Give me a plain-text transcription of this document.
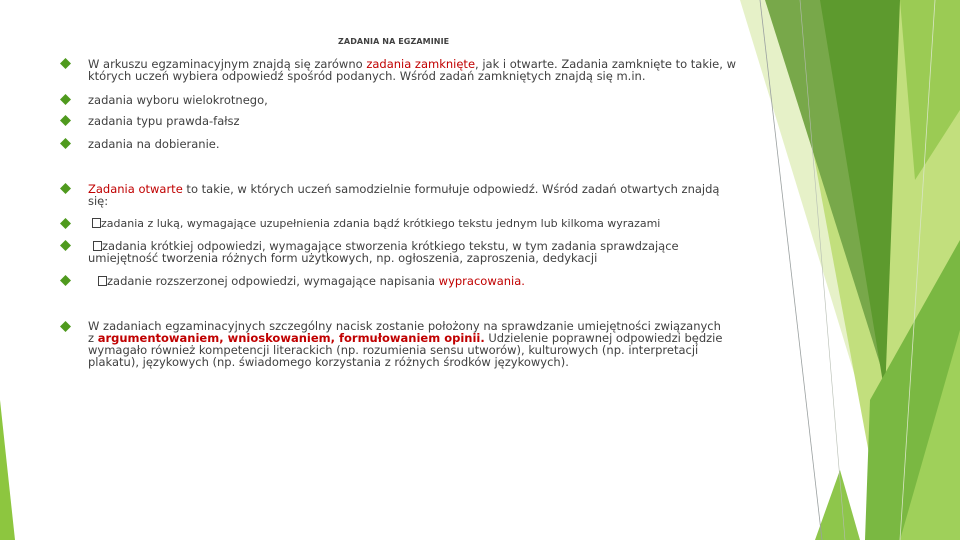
ZADANIA NA EGZAMINIE
W arkuszu egzaminacyjnym znajdą się zarówno zadania zamknięte, jak i otwarte. Zadania zamknięte to takie, w których uczeń wybiera odpowiedź spośród podanych. Wśród zadań zamkniętych znajdą się m.in.
zadania wyboru wielokrotnego,
zadania typu prawda-fałsz
zadania na dobieranie.
Zadania otwarte to takie, w których uczeń samodzielnie formułuje odpowiedź. Wśród zadań otwartych znajdą się:
zadania z luką, wymagające uzupełnienia zdania bądź krótkiego tekstu jednym lub kilkoma wyrazami
zadania krótkiej odpowiedzi, wymagające stworzenia krótkiego tekstu, w tym zadania sprawdzające umiejętność tworzenia różnych form użytkowych, np. ogłoszenia, zaproszenia, dedykacji
zadanie rozszerzonej odpowiedzi, wymagające napisania wypracowania.
W zadaniach egzaminacyjnych szczególny nacisk zostanie położony na sprawdzanie umiejętności związanych z argumentowaniem, wnioskowaniem, formułowaniem opinii. Udzielenie poprawnej odpowiedzi będzie wymagało również kompetencji literackich (np. rozumienia sensu utworów), kulturowych (np. interpretacji plakatu), językowych (np. świadomego korzystania z różnych środków językowych).
